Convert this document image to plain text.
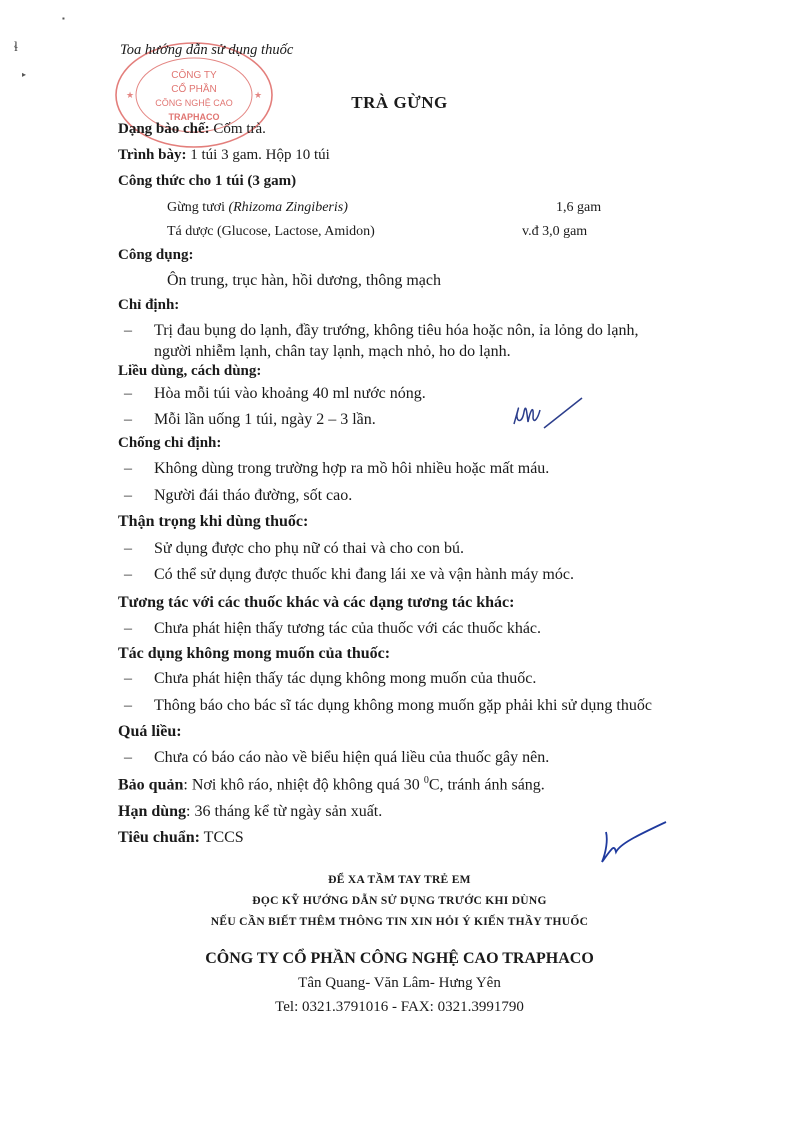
ɬ
▪
▸	CÔNG TY
CỔ PHẦN
CÔNG NGHỆ CAO
TRAPHACO
★	★
Toa hướng dẫn sử dụng thuốc
TRÀ GỪNG
Dạng bào chế: Cốm trà.
Trình bày: 1 túi 3 gam. Hộp 10 túi
Công thức cho 1 túi (3 gam)
Gừng tươi (Rhizoma Zingiberis)	1,6 gam
Tá dược (Glucose, Lactose, Amidon)	v.đ 3,0 gam
Công dụng:
Ôn trung, trục hàn, hồi dương, thông mạch
Chỉ định:
– Trị đau bụng do lạnh, đầy trướng, không tiêu hóa hoặc nôn, ỉa lỏng do lạnh,
người nhiễm lạnh, chân tay lạnh, mạch nhỏ, ho do lạnh.
Liều dùng, cách dùng:
– Hòa mỗi túi vào khoảng 40 ml nước nóng.
– Mỗi lần uống 1 túi, ngày 2 – 3 lần.
Chống chỉ định:
– Không dùng trong trường hợp ra mồ hôi nhiều hoặc mất máu.
– Người đái tháo đường, sốt cao.
Thận trọng khi dùng thuốc:
– Sử dụng được cho phụ nữ có thai và cho con bú.
– Có thể sử dụng được thuốc khi đang lái xe và vận hành máy móc.
Tương tác với các thuốc khác và các dạng tương tác khác:
– Chưa phát hiện thấy tương tác của thuốc với các thuốc khác.
Tác dụng không mong muốn của thuốc:
– Chưa phát hiện thấy tác dụng không mong muốn của thuốc.
– Thông báo cho bác sĩ tác dụng không mong muốn gặp phải khi sử dụng thuốc
Quá liều:
– Chưa có báo cáo nào về biểu hiện quá liều của thuốc gây nên.
Bảo quản: Nơi khô ráo, nhiệt độ không quá 30 $^0$C, tránh ánh sáng.
Hạn dùng: 36 tháng kể từ ngày sản xuất.
Tiêu chuẩn: TCCS
ĐỂ XA TẦM TAY TRẺ EM
ĐỌC KỸ HƯỚNG DẪN SỬ DỤNG TRƯỚC KHI DÙNG
NẾU CẦN BIẾT THÊM THÔNG TIN XIN HỎI Ý KIẾN THẦY THUỐC
CÔNG TY CỔ PHẦN CÔNG NGHỆ CAO TRAPHACO
Tân Quang- Văn Lâm- Hưng Yên
Tel: 0321.3791016 - FAX: 0321.3991790
